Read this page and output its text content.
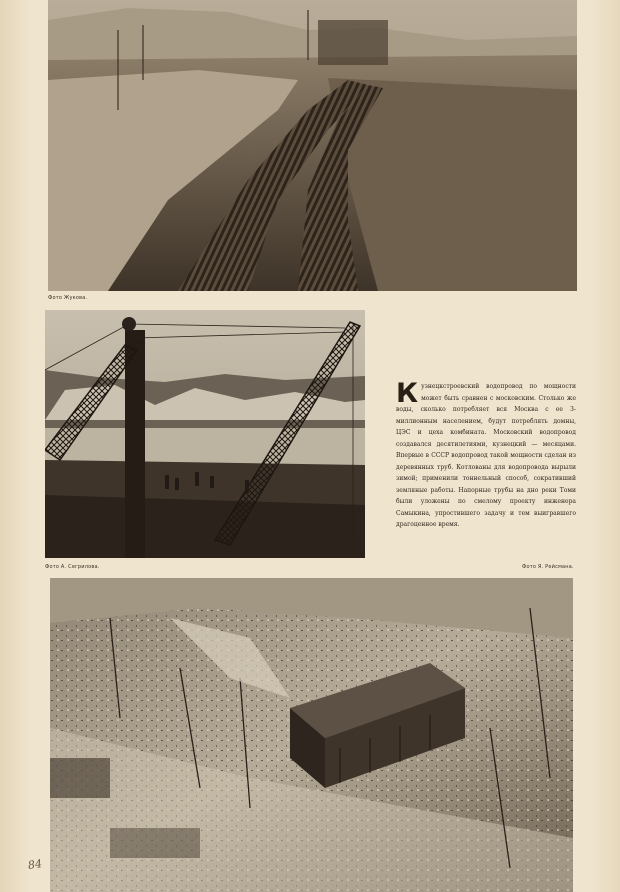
Фото Жукова.
Фото А. Сегрилова.	Фото Я. Рейсмана.
Кузнецкстроевский водопровод по мощности может быть сравнен с московским. Столько же воды, сколько потребляет вся Москва с ее 3-миллионным населением, будут потреблять домны, ЦЭС и цеха комбината. Московский водопровод создавался десятилетиями, кузнецкий — месяцами. Впервые в СССР водопровод такой мощности сделан из деревянных труб. Котлованы для водопровода вырыли зимой; применили тоннельный способ, сокративший земляные работы. Напорные трубы на дно реки Томи были уложены по смелому проекту инженера Самыкина, упростившего задачу и тем выигравшего драгоценное время.
84
